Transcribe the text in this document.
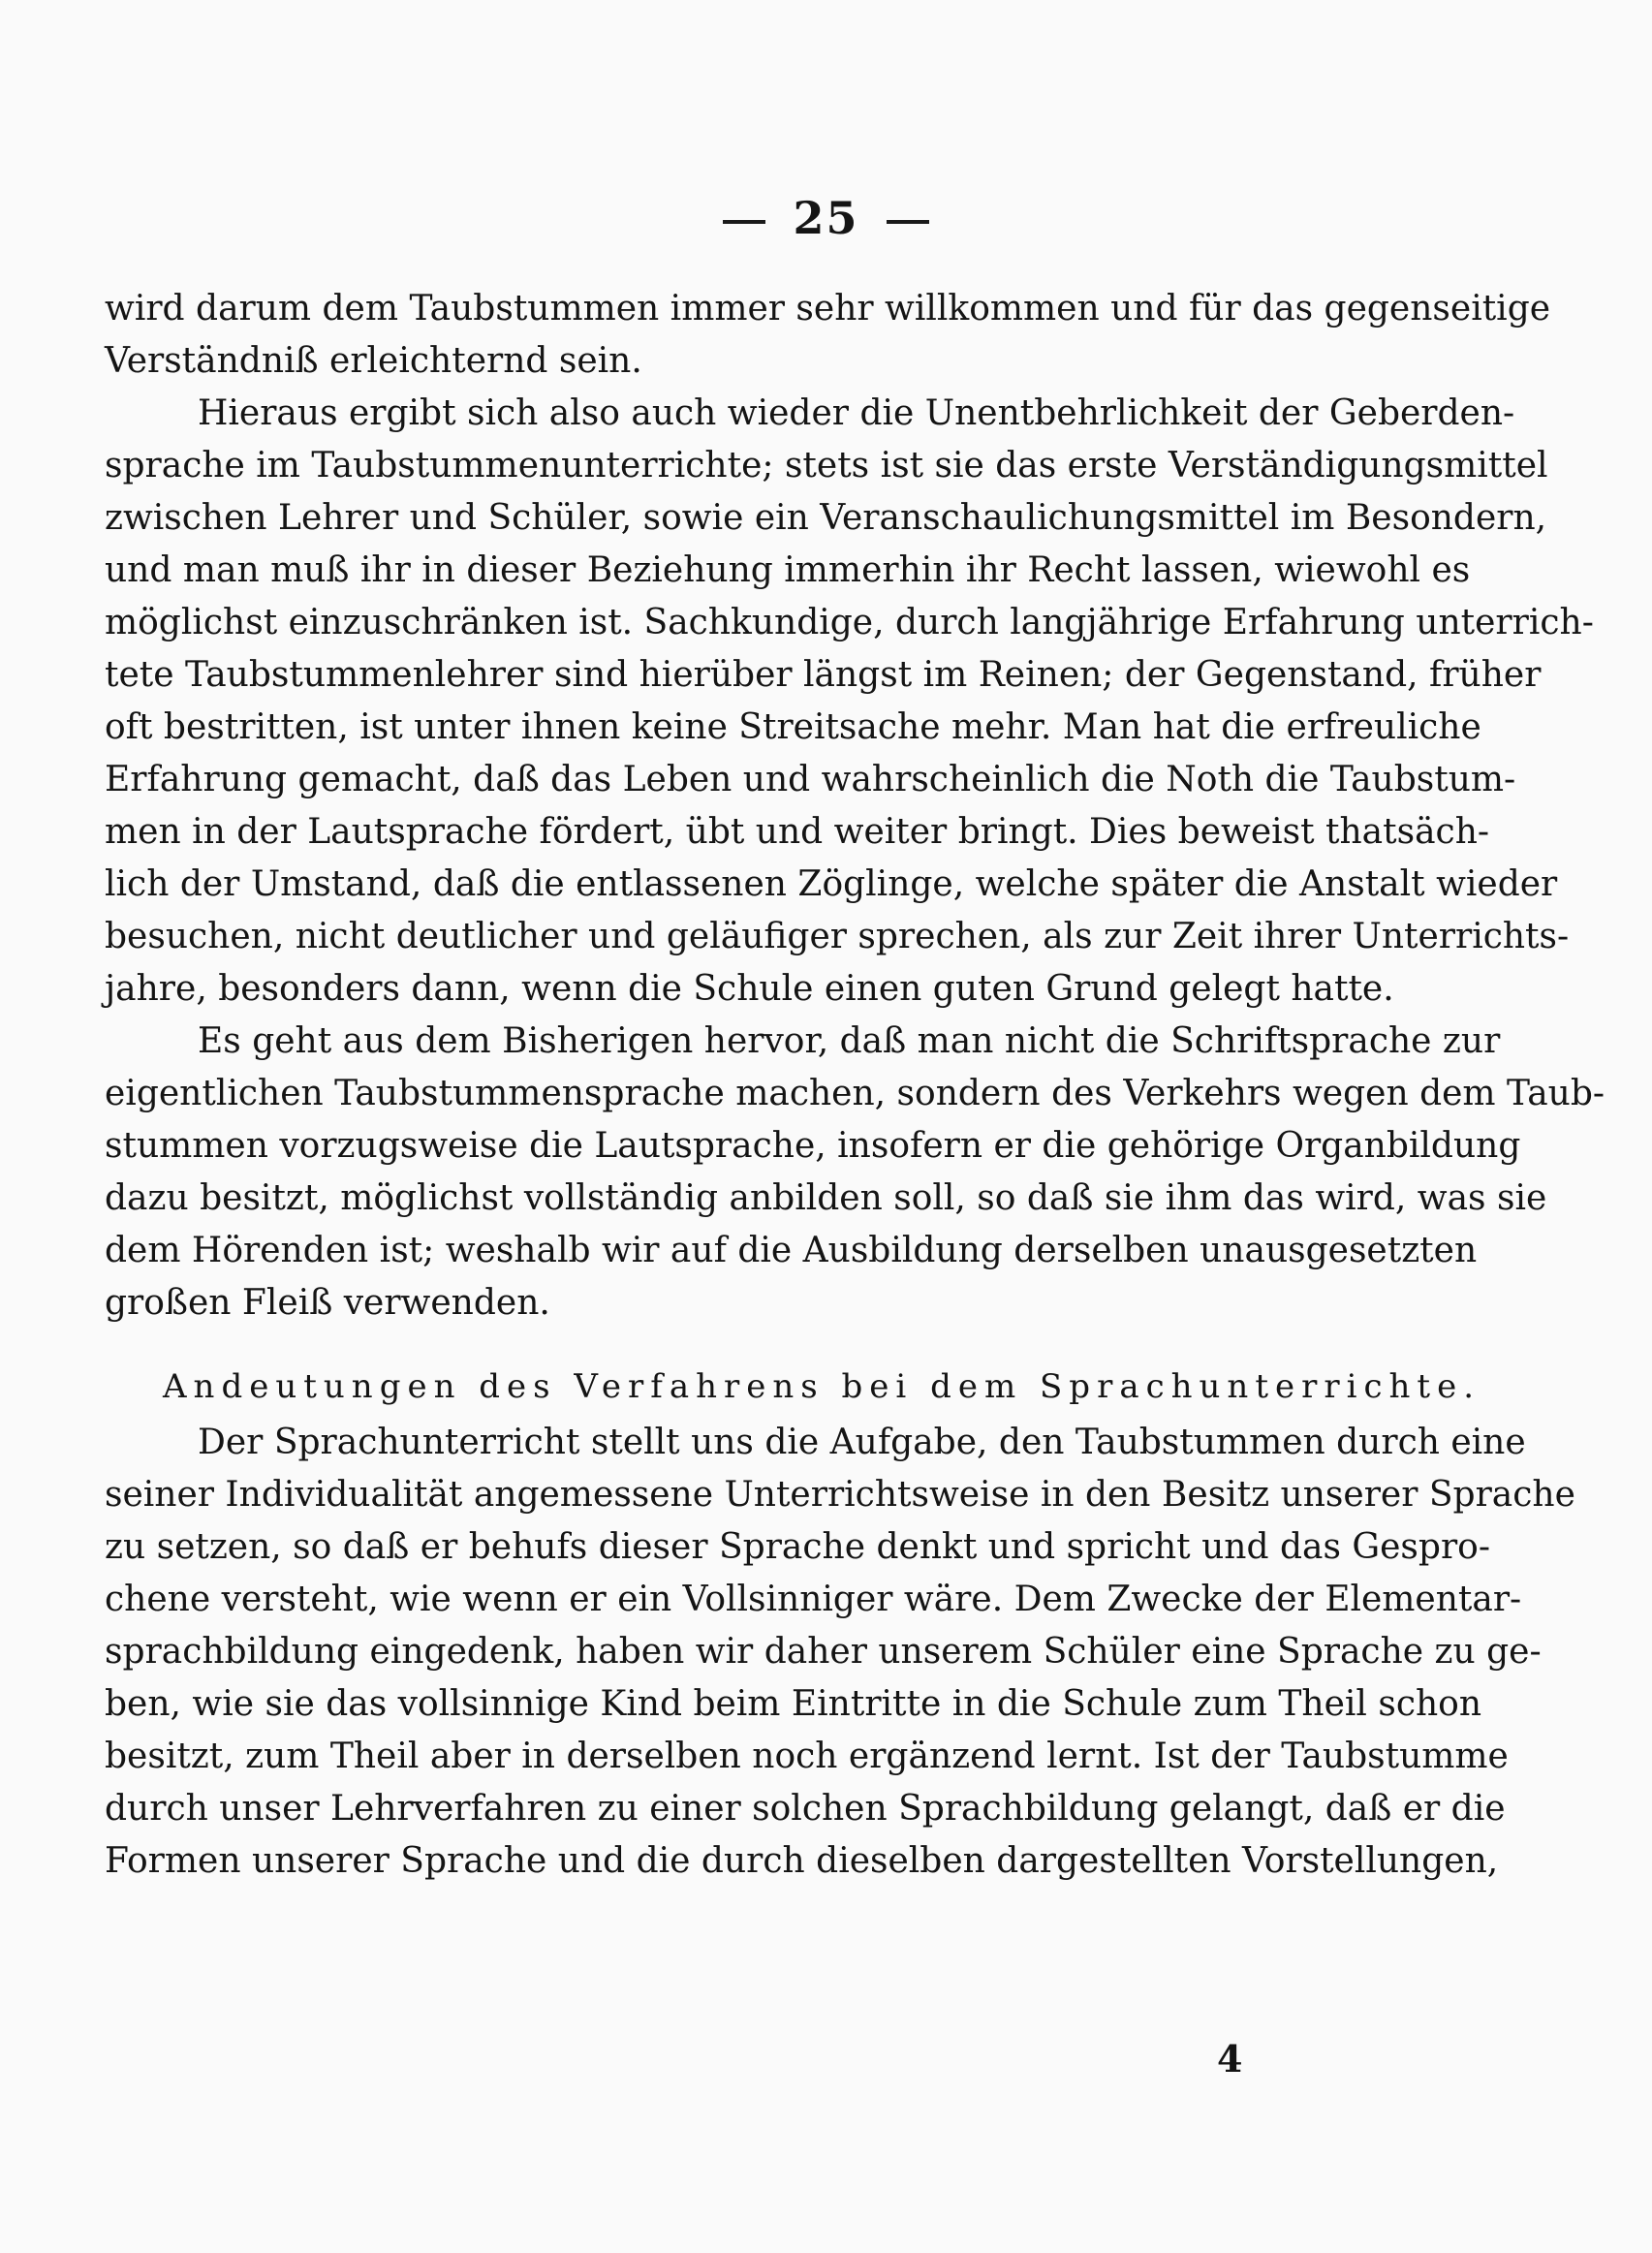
25
wird darum dem Taubstummen immer sehr willkommen und für das gegenseitige
Verständniß erleichternd sein.
Hieraus ergibt sich also auch wieder die Unentbehrlichkeit der Geberden-
sprache im Taubstummenunterrichte; stets ist sie das erste Verständigungsmittel
zwischen Lehrer und Schüler, sowie ein Veranschaulichungsmittel im Besondern,
und man muß ihr in dieser Beziehung immerhin ihr Recht lassen, wiewohl es
möglichst einzuschränken ist. Sachkundige, durch langjährige Erfahrung unterrich-
tete Taubstummenlehrer sind hierüber längst im Reinen; der Gegenstand, früher
oft bestritten, ist unter ihnen keine Streitsache mehr. Man hat die erfreuliche
Erfahrung gemacht, daß das Leben und wahrscheinlich die Noth die Taubstum-
men in der Lautsprache fördert, übt und weiter bringt. Dies beweist thatsäch-
lich der Umstand, daß die entlassenen Zöglinge, welche später die Anstalt wieder
besuchen, nicht deutlicher und geläufiger sprechen, als zur Zeit ihrer Unterrichts-
jahre, besonders dann, wenn die Schule einen guten Grund gelegt hatte.
Es geht aus dem Bisherigen hervor, daß man nicht die Schriftsprache zur
eigentlichen Taubstummensprache machen, sondern des Verkehrs wegen dem Taub-
stummen vorzugsweise die Lautsprache, insofern er die gehörige Organbildung
dazu besitzt, möglichst vollständig anbilden soll, so daß sie ihm das wird, was sie
dem Hörenden ist; weshalb wir auf die Ausbildung derselben unausgesetzten
großen Fleiß verwenden.
Andeutungen des Verfahrens bei dem Sprachunterrichte.
Der Sprachunterricht stellt uns die Aufgabe, den Taubstummen durch eine
seiner Individualität angemessene Unterrichtsweise in den Besitz unserer Sprache
zu setzen, so daß er behufs dieser Sprache denkt und spricht und das Gespro-
chene versteht, wie wenn er ein Vollsinniger wäre. Dem Zwecke der Elementar-
sprachbildung eingedenk, haben wir daher unserem Schüler eine Sprache zu ge-
ben, wie sie das vollsinnige Kind beim Eintritte in die Schule zum Theil schon
besitzt, zum Theil aber in derselben noch ergänzend lernt. Ist der Taubstumme
durch unser Lehrverfahren zu einer solchen Sprachbildung gelangt, daß er die
Formen unserer Sprache und die durch dieselben dargestellten Vorstellungen,
4
